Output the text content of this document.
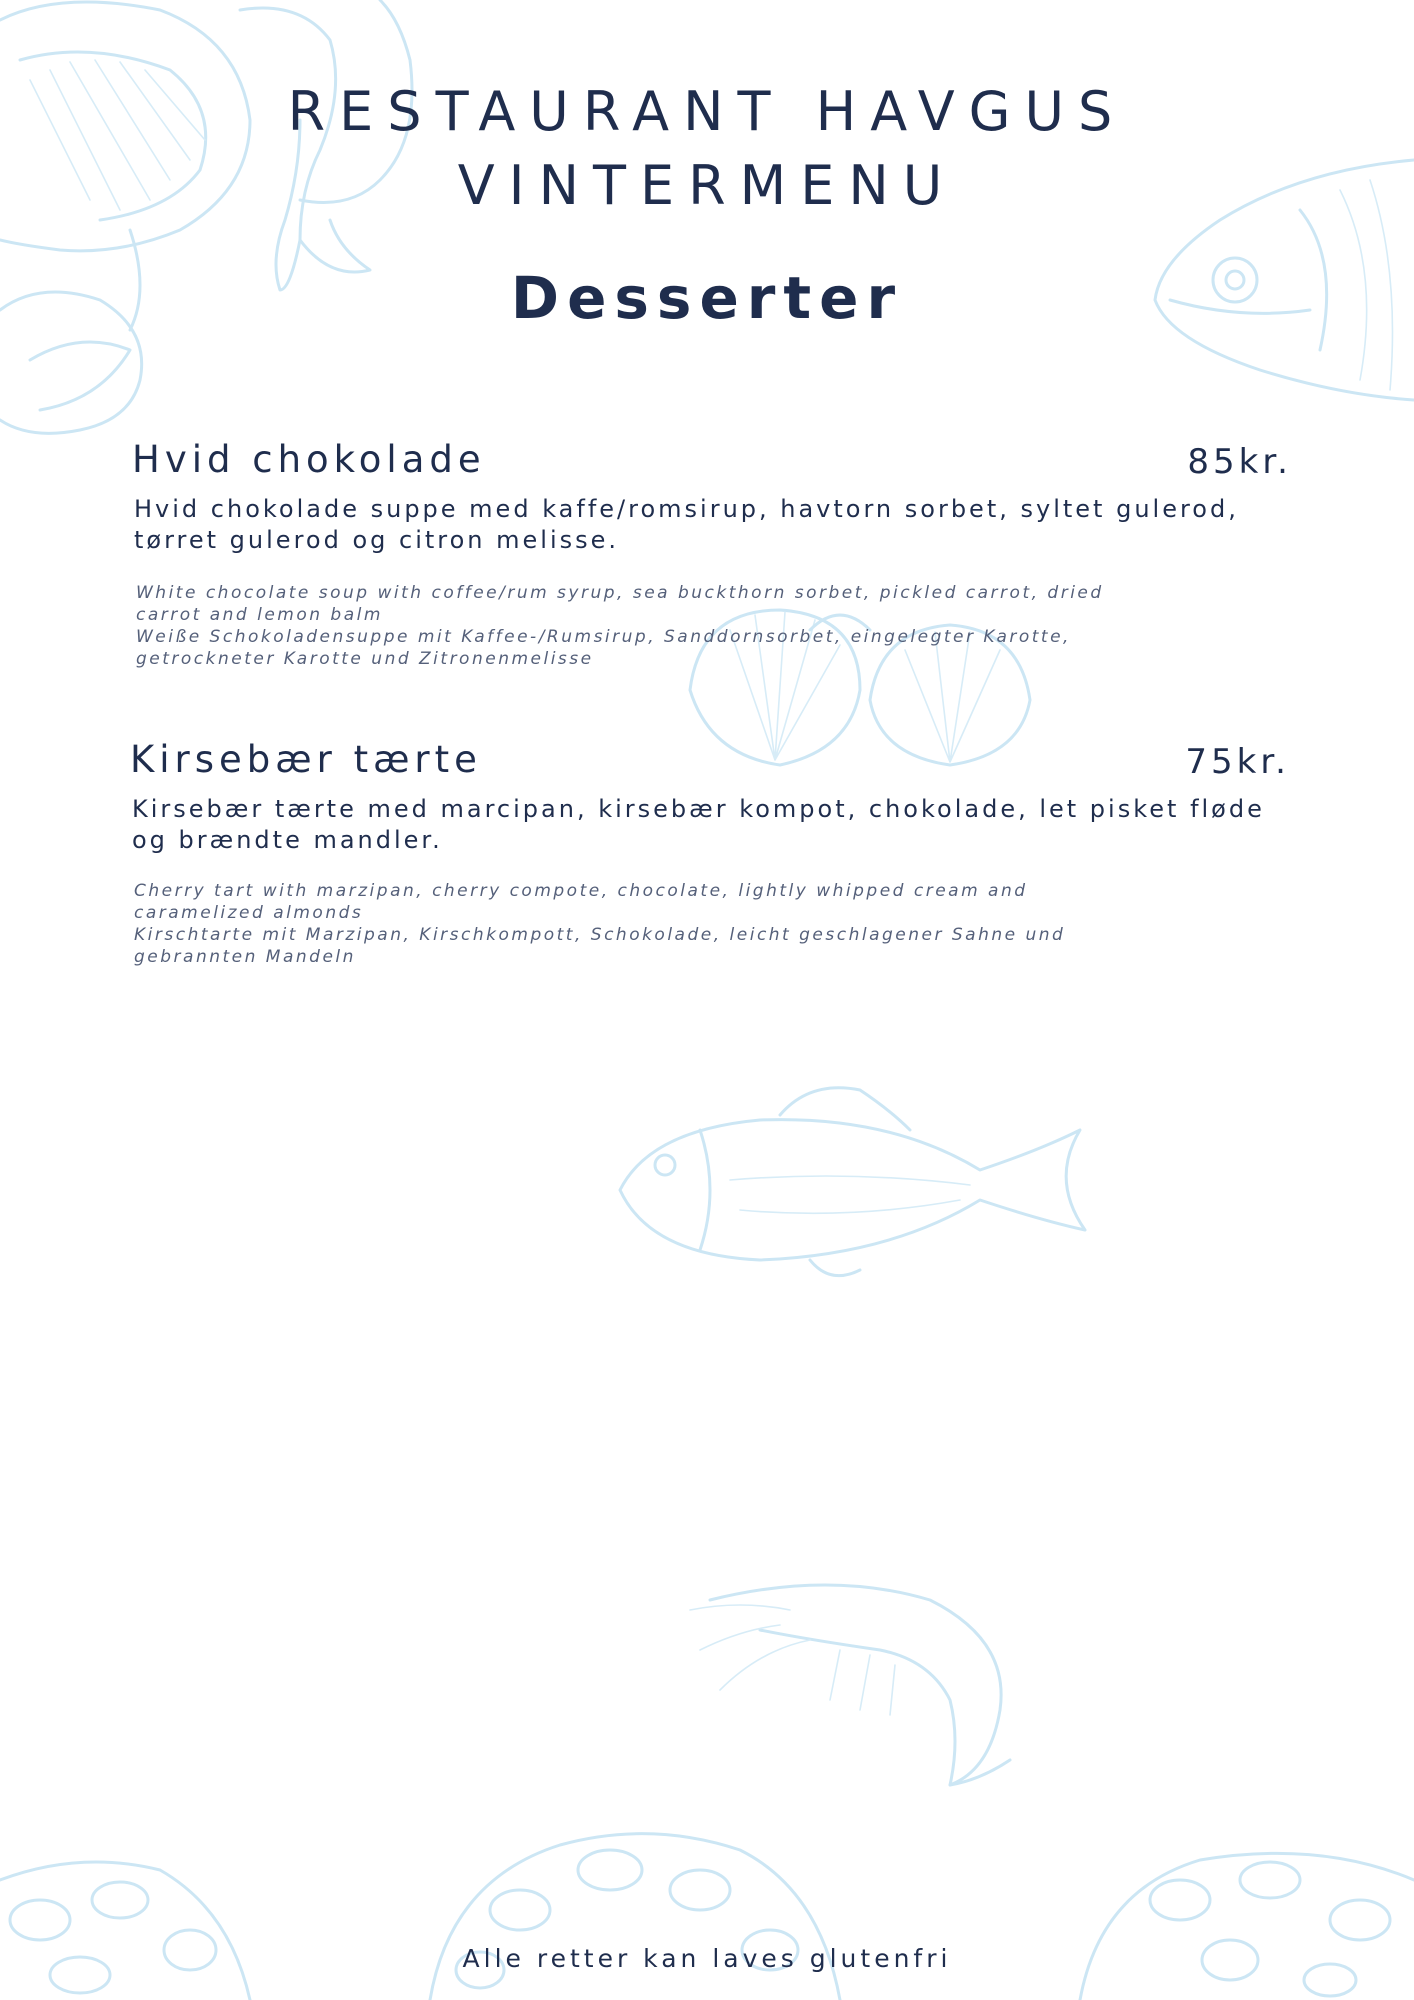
RESTAURANT HAVGUS
VINTERMENU
Desserter
Hvid chokolade	85kr.

Hvid chokolade suppe med kaffe/romsirup, havtorn sorbet, syltet gulerod, tørret gulerod og citron melisse.

White chocolate soup with coffee/rum syrup, sea buckthorn sorbet, pickled carrot, dried carrot and lemon balm

Weiße Schokoladensuppe mit Kaffee-/Rumsirup, Sanddornsorbet, eingelegter Karotte, getrockneter Karotte und Zitronenmelisse

Kirsebær tærte	75kr.

Kirsebær tærte med marcipan, kirsebær kompot, chokolade, let pisket fløde og brændte mandler.

Cherry tart with marzipan, cherry compote, chocolate, lightly whipped cream and caramelized almonds

Kirschtarte mit Marzipan, Kirschkompott, Schokolade, leicht geschlagener Sahne und gebrannten Mandeln

Alle retter kan laves glutenfri
